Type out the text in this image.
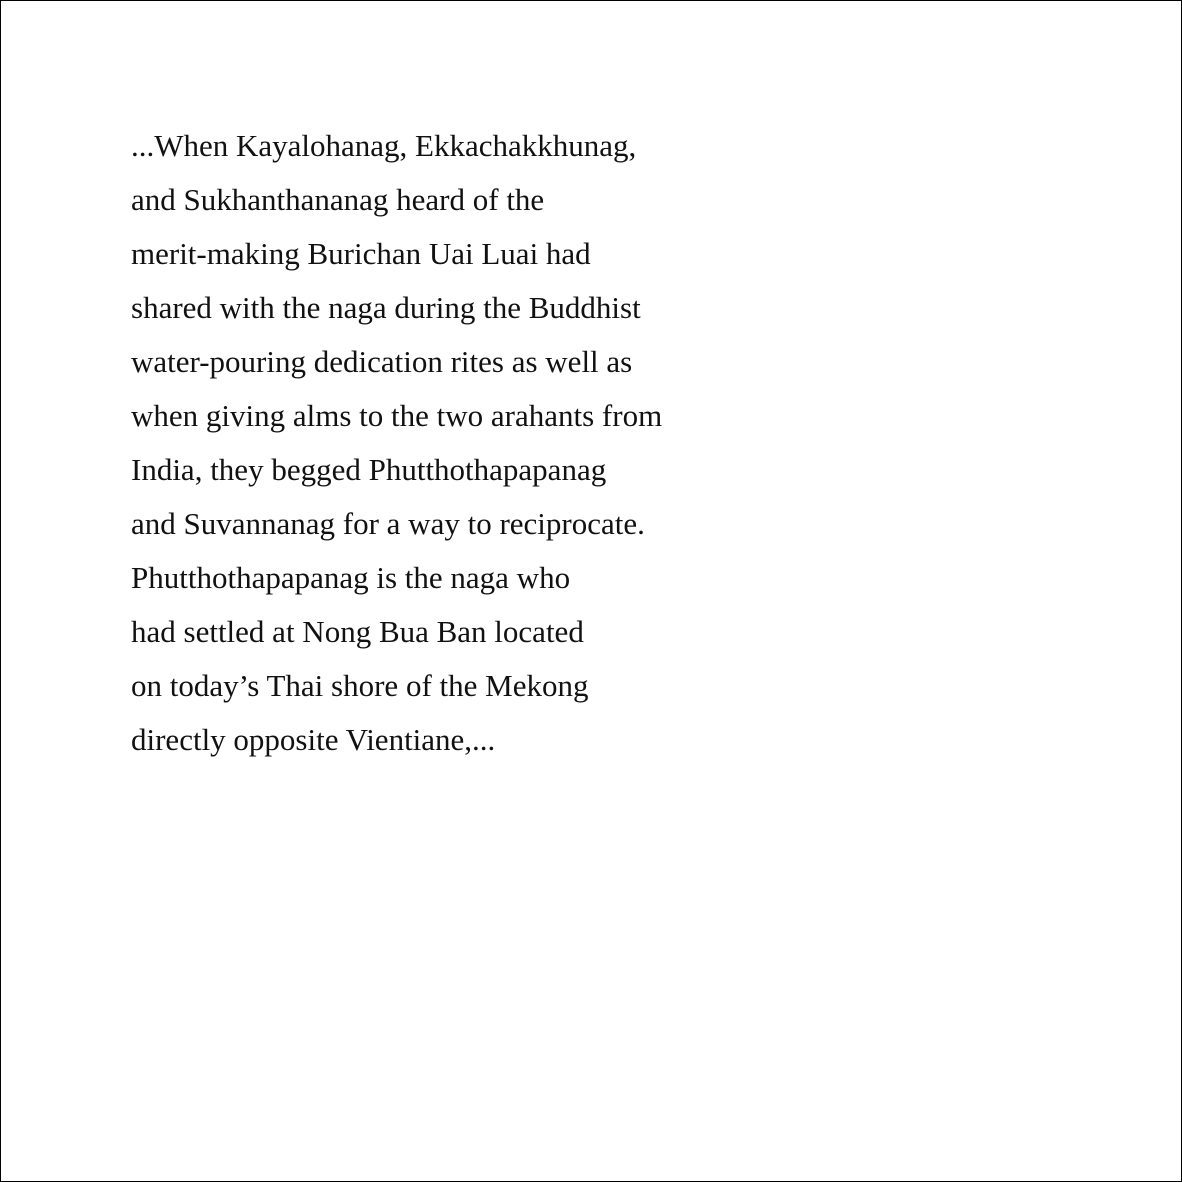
...When Kayalohanag, Ekkachakkhunag,
and Sukhanthananag heard of the
merit-making Burichan Uai Luai had
shared with the naga during the Buddhist
water-pouring dedication rites as well as
when giving alms to the two arahants from
India, they begged Phutthothapapanag
and Suvannanag for a way to reciprocate.
Phutthothapapanag is the naga who
had settled at Nong Bua Ban located
on today’s Thai shore of the Mekong
directly opposite Vientiane,...
